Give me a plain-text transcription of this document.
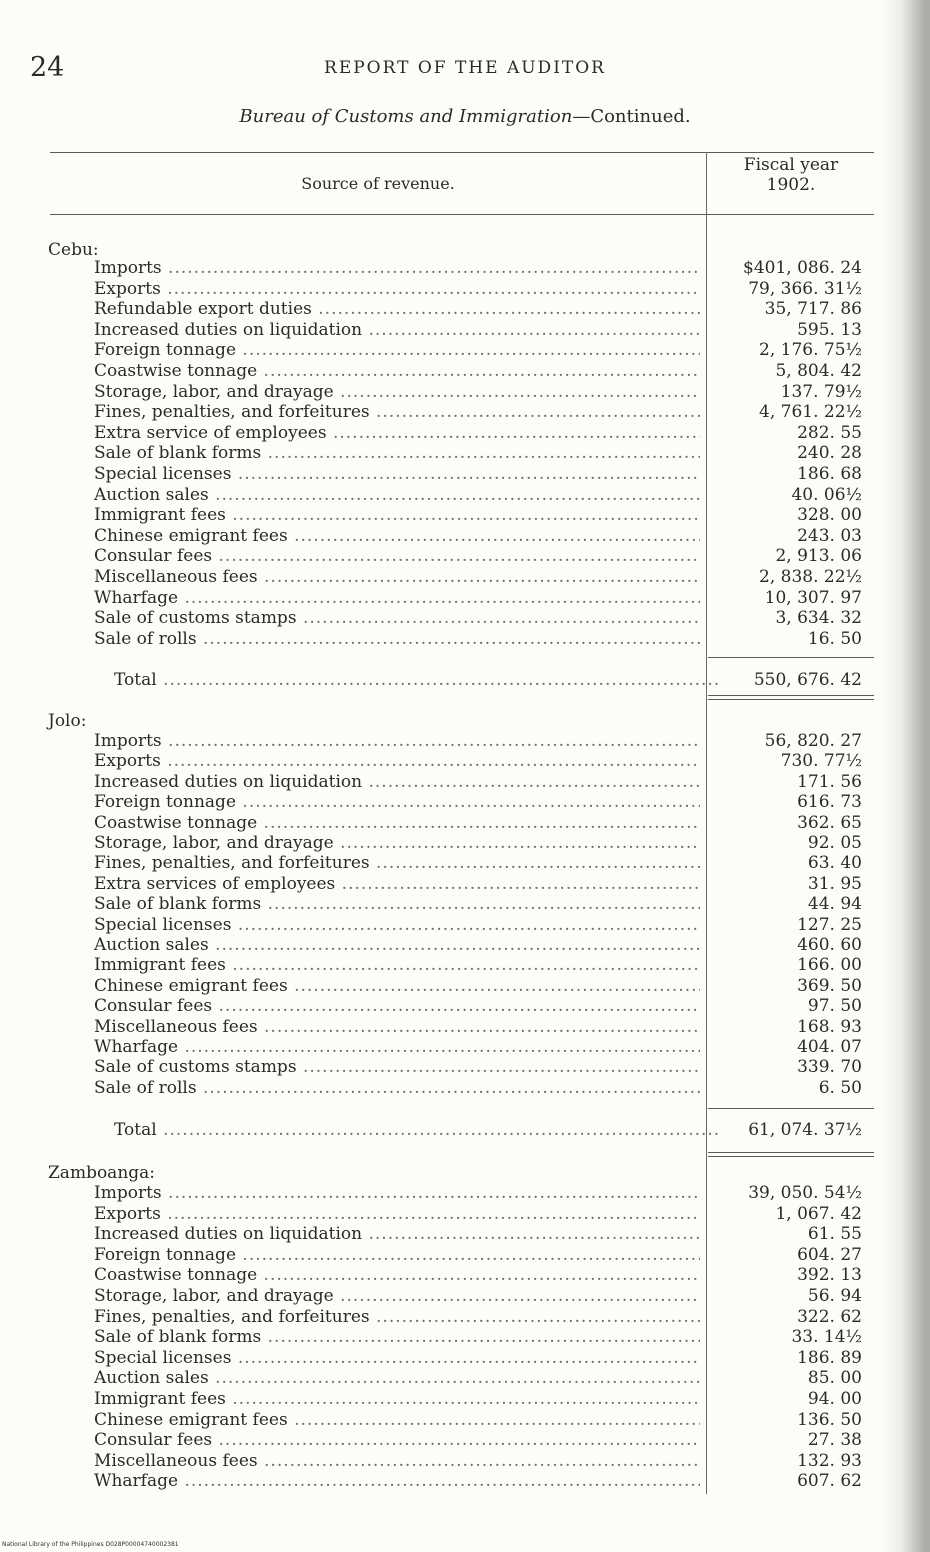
24	REPORT OF THE AUDITOR
Bureau of Customs and Immigration—Continued.
Source of revenue.
Fiscal year
1902.
Cebu:
Imports .....	$401, 086. 24
Exports .....	79, 366. 31½
Refundable export duties .....	35, 717. 86
Increased duties on liquidation .....	595. 13
Foreign tonnage .....	2, 176. 75½
Coastwise tonnage .....	5, 804. 42
Storage, labor, and drayage .....	137. 79½
Fines, penalties, and forfeitures .....	4, 761. 22½
Extra service of employees .....	282. 55
Sale of blank forms .....	240. 28
Special licenses .....	186. 68
Auction sales .....	40. 06½
Immigrant fees .....	328. 00
Chinese emigrant fees .....	243. 03
Consular fees .....	2, 913. 06
Miscellaneous fees .....	2, 838. 22½
Wharfage .....	10, 307. 97
Sale of customs stamps .....	3, 634. 32
Sale of rolls .....	16. 50
Total .....	550, 676. 42
Jolo:
Imports .....	56, 820. 27
Exports .....	730. 77½
Increased duties on liquidation .....	171. 56
Foreign tonnage .....	616. 73
Coastwise tonnage .....	362. 65
Storage, labor, and drayage .....	92. 05
Fines, penalties, and forfeitures .....	63. 40
Extra services of employees .....	31. 95
Sale of blank forms .....	44. 94
Special licenses .....	127. 25
Auction sales .....	460. 60
Immigrant fees .....	166. 00
Chinese emigrant fees .....	369. 50
Consular fees .....	97. 50
Miscellaneous fees .....	168. 93
Wharfage .....	404. 07
Sale of customs stamps .....	339. 70
Sale of rolls .....	6. 50
Total .....	61, 074. 37½
Zamboanga:
Imports .....	39, 050. 54½
Exports .....	1, 067. 42
Increased duties on liquidation .....	61. 55
Foreign tonnage .....	604. 27
Coastwise tonnage .....	392. 13
Storage, labor, and drayage .....	56. 94
Fines, penalties, and forfeitures .....	322. 62
Sale of blank forms .....	33. 14½
Special licenses .....	186. 89
Auction sales .....	85. 00
Immigrant fees .....	94. 00
Chinese emigrant fees .....	136. 50
Consular fees .....	27. 38
Miscellaneous fees .....	132. 93
Wharfage .....	607. 62
National Library of the Philippines D028P00004740002381
